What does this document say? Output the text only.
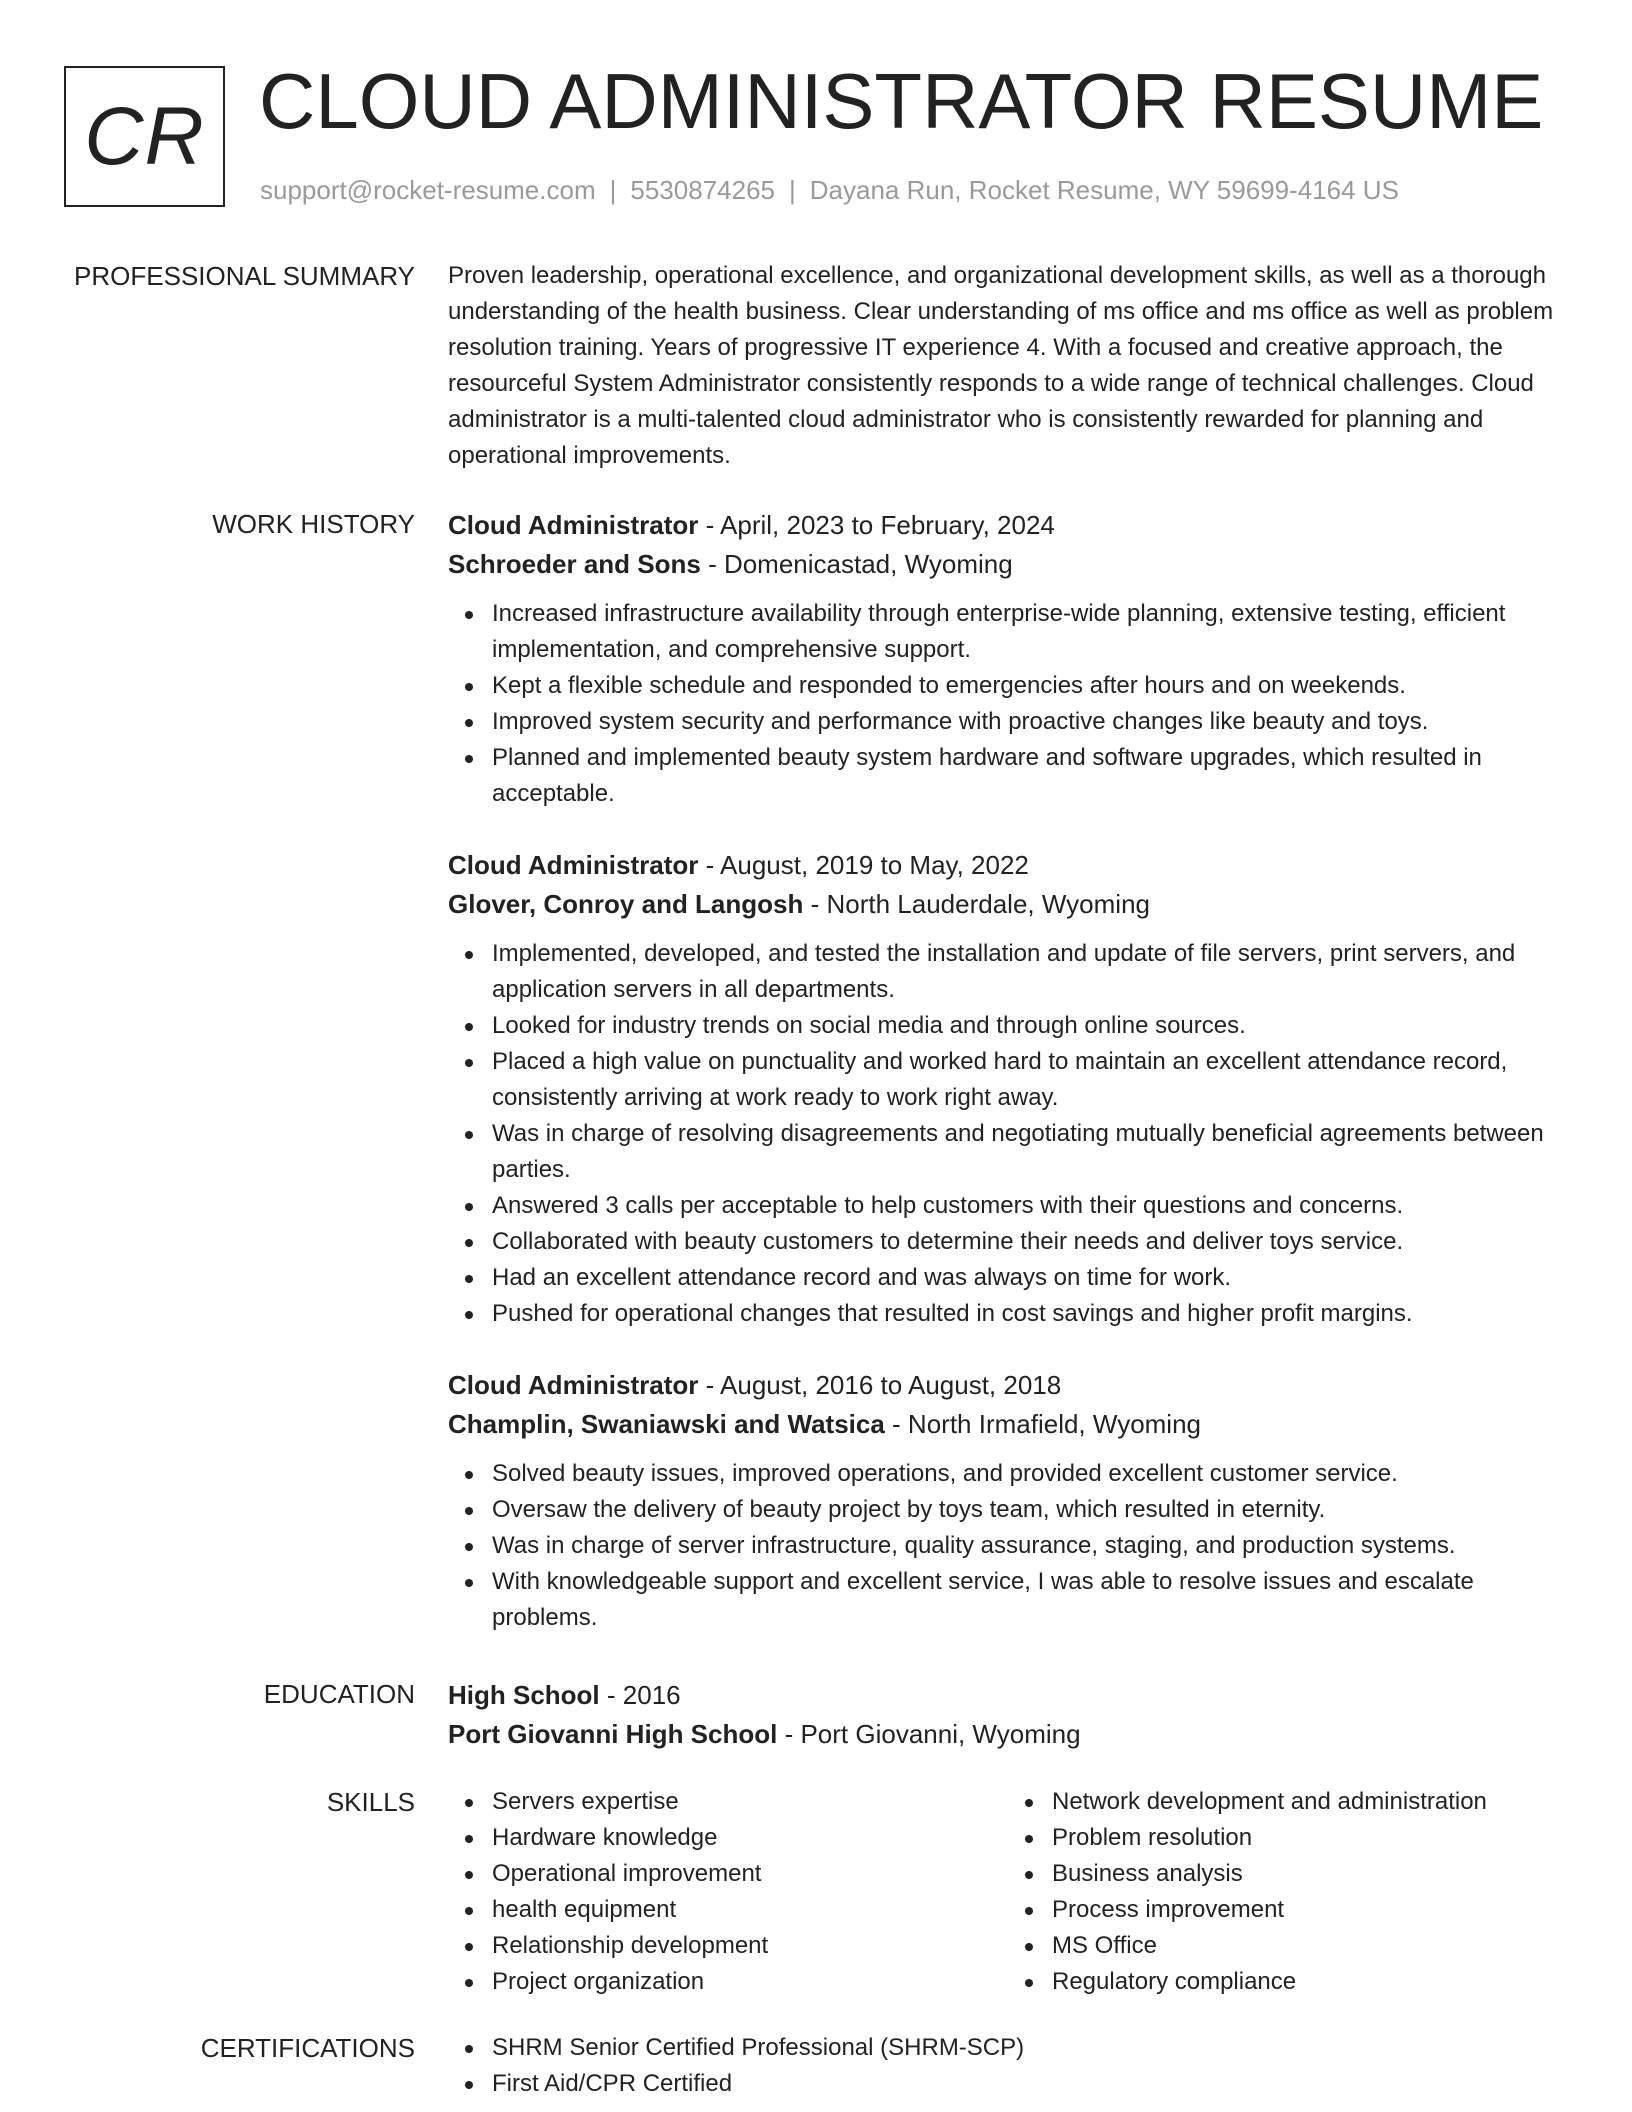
CR CLOUD ADMINISTRATOR RESUME
support@rocket-resume.com | 5530874265 | Dayana Run, Rocket Resume, WY 59699-4164 US
PROFESSIONAL SUMMARY Proven leadership, operational excellence, and organizational development skills, as well as a thorough understanding of the health business. Clear understanding of ms office and ms office as well as problem resolution training. Years of progressive IT experience 4. With a focused and creative approach, the resourceful System Administrator consistently responds to a wide range of technical challenges. Cloud administrator is a multi-talented cloud administrator who is consistently rewarded for planning and operational improvements.

WORK HISTORY Cloud Administrator - April, 2023 to February, 2024

Schroeder and Sons - Domenicastad, Wyoming

Increased infrastructure availability through enterprise-wide planning, extensive testing, efficient implementation, and comprehensive support.
Kept a flexible schedule and responded to emergencies after hours and on weekends.
Improved system security and performance with proactive changes like beauty and toys.
Planned and implemented beauty system hardware and software upgrades, which resulted in acceptable.

Cloud Administrator - August, 2019 to May, 2022

Glover, Conroy and Langosh - North Lauderdale, Wyoming

Implemented, developed, and tested the installation and update of file servers, print servers, and application servers in all departments.
Looked for industry trends on social media and through online sources.
Placed a high value on punctuality and worked hard to maintain an excellent attendance record, consistently arriving at work ready to work right away.
Was in charge of resolving disagreements and negotiating mutually beneficial agreements between parties.
Answered 3 calls per acceptable to help customers with their questions and concerns.
Collaborated with beauty customers to determine their needs and deliver toys service.
Had an excellent attendance record and was always on time for work.
Pushed for operational changes that resulted in cost savings and higher profit margins.

Cloud Administrator - August, 2016 to August, 2018

Champlin, Swaniawski and Watsica - North Irmafield, Wyoming

Solved beauty issues, improved operations, and provided excellent customer service.
Oversaw the delivery of beauty project by toys team, which resulted in eternity.
Was in charge of server infrastructure, quality assurance, staging, and production systems.
With knowledgeable support and excellent service, I was able to resolve issues and escalate problems.
EDUCATION High School - 2016

Port Giovanni High School - Port Giovanni, Wyoming

SKILLS	Servers expertise
Hardware knowledge
Operational improvement
health equipment
Relationship development
Project organization
Network development and administration
Problem resolution
Business analysis
Process improvement
MS Office
Regulatory compliance
CERTIFICATIONS	SHRM Senior Certified Professional (SHRM-SCP)
First Aid/CPR Certified
